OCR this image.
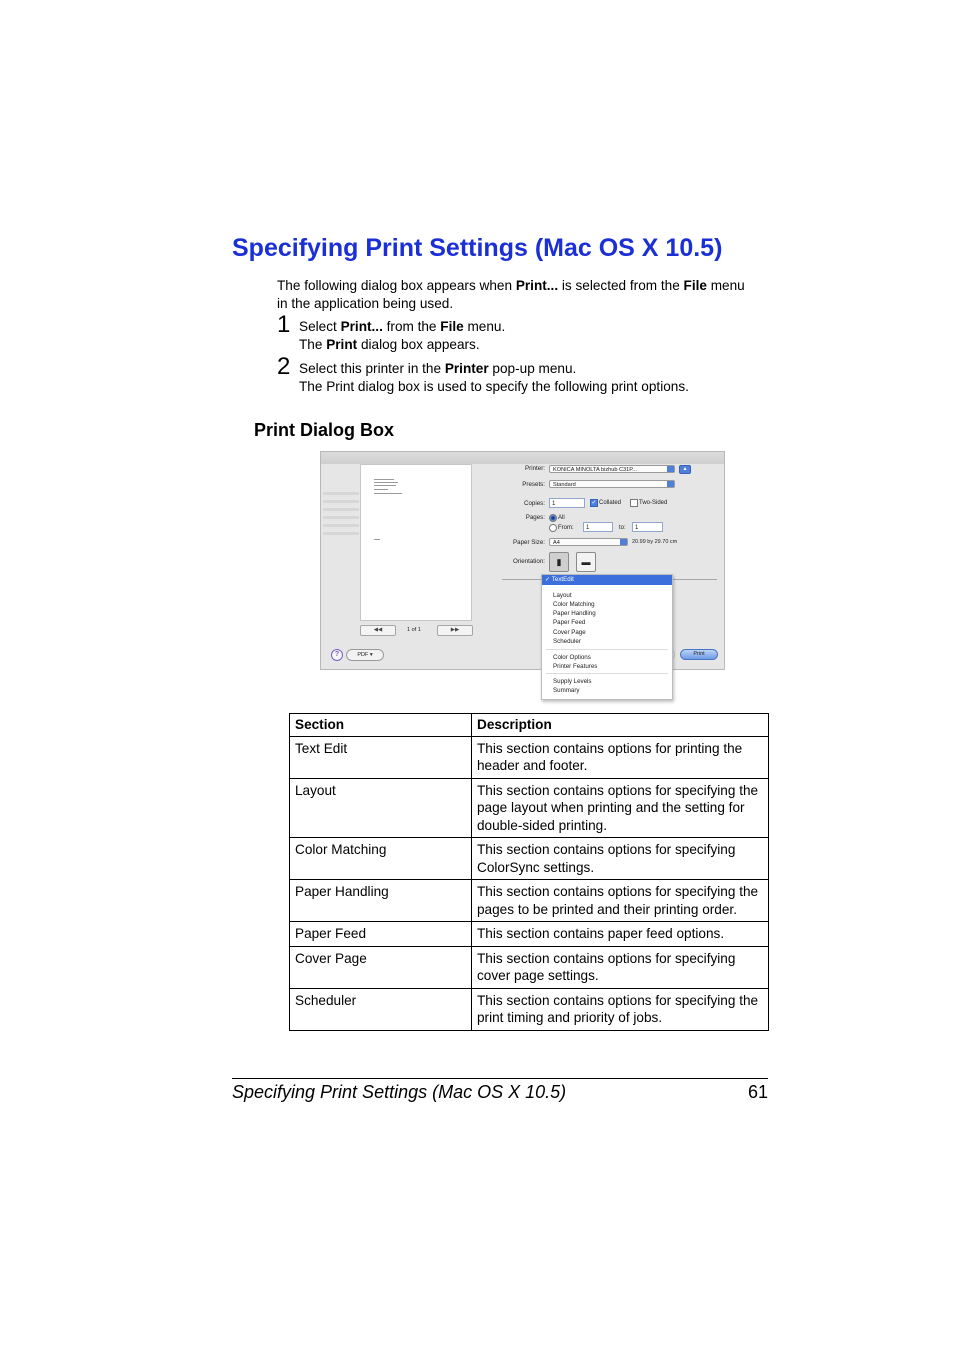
Specifying Print Settings (Mac OS X 10.5)

The following dialog box appears when Print... is selected from the File menu in the application being used.

1 Select Print... from the File menu.

The Print dialog box appears.

2 Select this printer in the Printer pop-up menu.

The Print dialog box is used to specify the following print options.

Print Dialog Box
◀◀	1 of 1	▶▶
?	PDF ▾
Printer:	KONICA MINOLTA bizhub C31P...	▴
Presets:	Standard
Copies:	1	✓ Collated	Two-Sided
Pages: All
From:	1	to:	1
Paper Size:	A4	20.99 by 29.70 cm
Orientation:	▮	▬
Print
✓ TextEdit
Layout
Color Matching
Paper Handling
Paper Feed
Cover Page
Scheduler
Color Options
Printer Features
Supply Levels
Summary
Section	Description
Text Edit	This section contains options for printing the header and footer.
Layout	This section contains options for specifying the page layout when printing and the setting for double-sided printing.
Color Matching	This section contains options for specifying ColorSync settings.
Paper Handling	This section contains options for specifying the pages to be printed and their printing order.
Paper Feed	This section contains paper feed options.
Cover Page	This section contains options for specifying cover page settings.
Scheduler	This section contains options for specifying the print timing and priority of jobs.
Specifying Print Settings (Mac OS X 10.5)	61
